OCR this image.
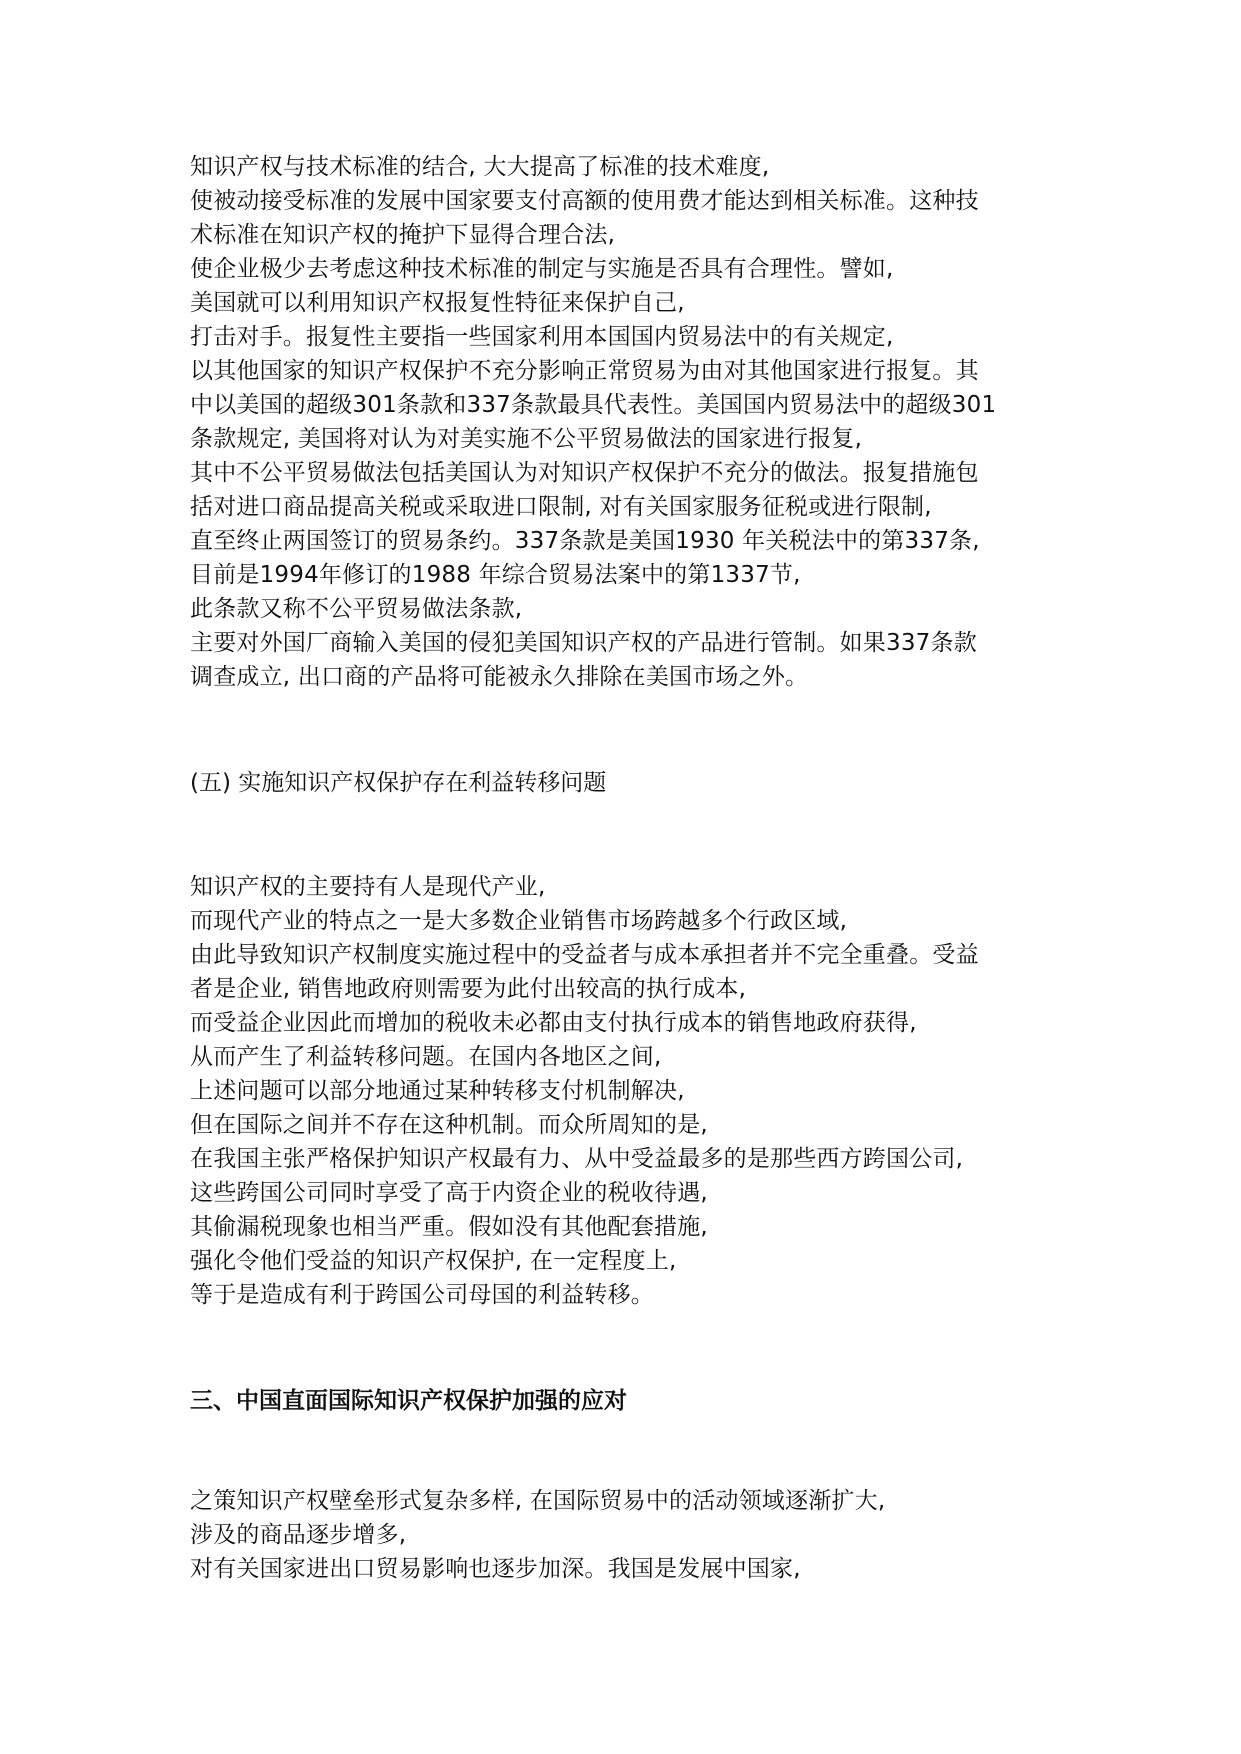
知识产权与技术标准的结合, 大大提高了标准的技术难度,
使被动接受标准的发展中国家要支付高额的使用费才能达到相关标准。这种技
术标准在知识产权的掩护下显得合理合法,
使企业极少去考虑这种技术标准的制定与实施是否具有合理性。譬如,
美国就可以利用知识产权报复性特征来保护自己,
打击对手。报复性主要指一些国家利用本国国内贸易法中的有关规定,
以其他国家的知识产权保护不充分影响正常贸易为由对其他国家进行报复。其
中以美国的超级301条款和337条款最具代表性。美国国内贸易法中的超级301
条款规定, 美国将对认为对美实施不公平贸易做法的国家进行报复,
其中不公平贸易做法包括美国认为对知识产权保护不充分的做法。报复措施包
括对进口商品提高关税或采取进口限制, 对有关国家服务征税或进行限制,
直至终止两国签订的贸易条约。337条款是美国1930 年关税法中的第337条,
目前是1994年修订的1988 年综合贸易法案中的第1337节,
此条款又称不公平贸易做法条款,
主要对外国厂商输入美国的侵犯美国知识产权的产品进行管制。如果337条款
调查成立, 出口商的产品将可能被永久排除在美国市场之外。
(五) 实施知识产权保护存在利益转移问题
知识产权的主要持有人是现代产业,
而现代产业的特点之一是大多数企业销售市场跨越多个行政区域,
由此导致知识产权制度实施过程中的受益者与成本承担者并不完全重叠。受益
者是企业, 销售地政府则需要为此付出较高的执行成本,
而受益企业因此而增加的税收未必都由支付执行成本的销售地政府获得,
从而产生了利益转移问题。在国内各地区之间,
上述问题可以部分地通过某种转移支付机制解决,
但在国际之间并不存在这种机制。而众所周知的是,
在我国主张严格保护知识产权最有力、从中受益最多的是那些西方跨国公司,
这些跨国公司同时享受了高于内资企业的税收待遇,
其偷漏税现象也相当严重。假如没有其他配套措施,
强化令他们受益的知识产权保护, 在一定程度上,
等于是造成有利于跨国公司母国的利益转移。
三、中国直面国际知识产权保护加强的应对
之策知识产权壁垒形式复杂多样, 在国际贸易中的活动领域逐渐扩大,
涉及的商品逐步增多,
对有关国家进出口贸易影响也逐步加深。我国是发展中国家,
